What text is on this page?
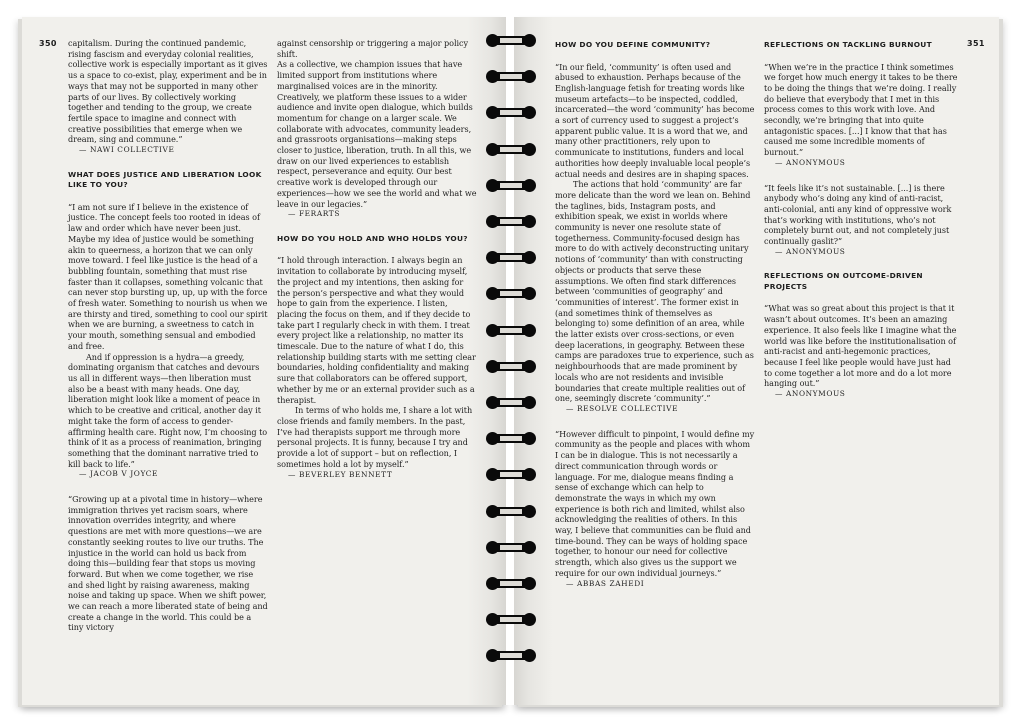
350	351

capitalism. During the continued pandemic, rising fascism and everyday colonial realities, collective work is especially important as it gives us a space to co-exist, play, experiment and be in ways that may not be supported in many other parts of our lives. By collectively working together and tending to the group, we create fertile space to imagine and connect with creative possibilities that emerge when we dream, sing and commune.”

— NAWI COLLECTIVE

WHAT DOES JUSTICE AND LIBERATION LOOK LIKE TO YOU?

“I am not sure if I believe in the existence of justice. The concept feels too rooted in ideas of law and order which have never been just. Maybe my idea of justice would be something akin to queerness, a horizon that we can only move toward. I feel like justice is the head of a bubbling fountain, something that must rise faster than it collapses, something volcanic that can never stop bursting up, up, up with the force of fresh water. Something to nourish us when we are thirsty and tired, something to cool our spirit when we are burning, a sweetness to catch in your mouth, something sensual and embodied and free.

And if oppression is a hydra—a greedy, dominating organism that catches and devours us all in different ways—then liberation must also be a beast with many heads. One day, liberation might look like a moment of peace in which to be creative and critical, another day it might take the form of access to gender-affirming health care. Right now, I’m choosing to think of it as a process of reanimation, bringing something that the dominant narrative tried to kill back to life.”

— JACOB V JOYCE

“Growing up at a pivotal time in history—where immigration thrives yet racism soars, where innovation overrides integrity, and where questions are met with more questions—we are constantly seeking routes to live our truths. The injustice in the world can hold us back from doing this—building fear that stops us moving forward. But when we come together, we rise and shed light by raising awareness, making noise and taking up space. When we shift power, we can reach a more liberated state of being and create a change in the world. This could be a tiny victory

against censorship or triggering a major policy shift.

As a collective, we champion issues that have limited support from institutions where marginalised voices are in the minority. Creatively, we platform these issues to a wider audience and invite open dialogue, which builds momentum for change on a larger scale. We collaborate with advocates, community leaders, and grassroots organisations—making steps closer to justice, liberation, truth. In all this, we draw on our lived experiences to establish respect, perseverance and equity. Our best creative work is developed through our experiences—how we see the world and what we leave in our legacies.”

— FERARTS

HOW DO YOU HOLD AND WHO HOLDS YOU?

“I hold through interaction. I always begin an invitation to collaborate by introducing myself, the project and my intentions, then asking for the person’s perspective and what they would hope to gain from the experience. I listen, placing the focus on them, and if they decide to take part I regularly check in with them. I treat every project like a relationship, no matter its timescale. Due to the nature of what I do, this relationship building starts with me setting clear boundaries, holding confidentiality and making sure that collaborators can be offered support, whether by me or an external provider such as a therapist.

In terms of who holds me, I share a lot with close friends and family members. In the past, I’ve had therapists support me through more personal projects. It is funny, because I try and provide a lot of support – but on reflection, I sometimes hold a lot by myself.”

— BEVERLEY BENNETT

HOW DO YOU DEFINE COMMUNITY?

“In our field, ‘community’ is often used and abused to exhaustion. Perhaps because of the English-language fetish for treating words like museum artefacts—to be inspected, coddled, incarcerated—the word ‘community’ has become a sort of currency used to suggest a project’s apparent public value. It is a word that we, and many other practitioners, rely upon to communicate to institutions, funders and local authorities how deeply invaluable local people’s actual needs and desires are in shaping spaces.

The actions that hold ‘community’ are far more delicate than the word we lean on. Behind the taglines, bids, Instagram posts, and exhibition speak, we exist in worlds where community is never one resolute state of togetherness. Community-focused design has more to do with actively deconstructing unitary notions of ‘community’ than with constructing objects or products that serve these assumptions. We often find stark differences between ‘communities of geography’ and ‘communities of interest’. The former exist in (and sometimes think of themselves as belonging to) some definition of an area, while the latter exists over cross-sections, or even deep lacerations, in geography. Between these camps are paradoxes true to experience, such as neighbourhoods that are made prominent by locals who are not residents and invisible boundaries that create multiple realities out of one, seemingly discrete ‘community’.”

— RESOLVE COLLECTIVE

“However difficult to pinpoint, I would define my community as the people and places with whom I can be in dialogue. This is not necessarily a direct communication through words or language. For me, dialogue means finding a sense of exchange which can help to demonstrate the ways in which my own experience is both rich and limited, whilst also acknowledging the realities of others. In this way, I believe that communities can be fluid and time-bound. They can be ways of holding space together, to honour our need for collective strength, which also gives us the support we require for our own individual journeys.”

— ABBAS ZAHEDI

REFLECTIONS ON TACKLING BURNOUT

“When we’re in the practice I think sometimes we forget how much energy it takes to be there to be doing the things that we’re doing. I really do believe that everybody that I met in this process comes to this work with love. And secondly, we’re bringing that into quite antagonistic spaces. [...] I know that that has caused me some incredible moments of burnout.”

— ANONYMOUS

“It feels like it’s not sustainable. [...] is there anybody who’s doing any kind of anti-racist, anti-colonial, anti any kind of oppressive work that’s working with institutions, who’s not completely burnt out, and not completely just continually gaslit?”

— ANONYMOUS

REFLECTIONS ON OUTCOME-DRIVEN PROJECTS

“What was so great about this project is that it wasn’t about outcomes. It’s been an amazing experience. It also feels like I imagine what the world was like before the institutionalisation of anti-racist and anti-hegemonic practices, because I feel like people would have just had to come together a lot more and do a lot more hanging out.”

— ANONYMOUS
